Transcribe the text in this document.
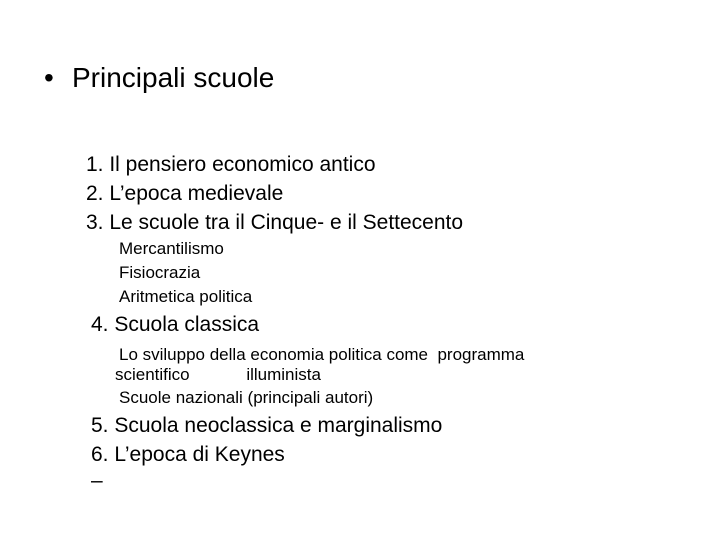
• Principali scuole
1. Il pensiero economico antico
2. L’epoca medievale
3. Le scuole tra il Cinque- e il Settecento
Mercantilismo
Fisiocrazia
Aritmetica politica
4. Scuola classica
Lo sviluppo della economia politica come  programma
scientifico            illuminista
Scuole nazionali (principali autori)
5. Scuola neoclassica e marginalismo
6. L’epoca di Keynes
–
